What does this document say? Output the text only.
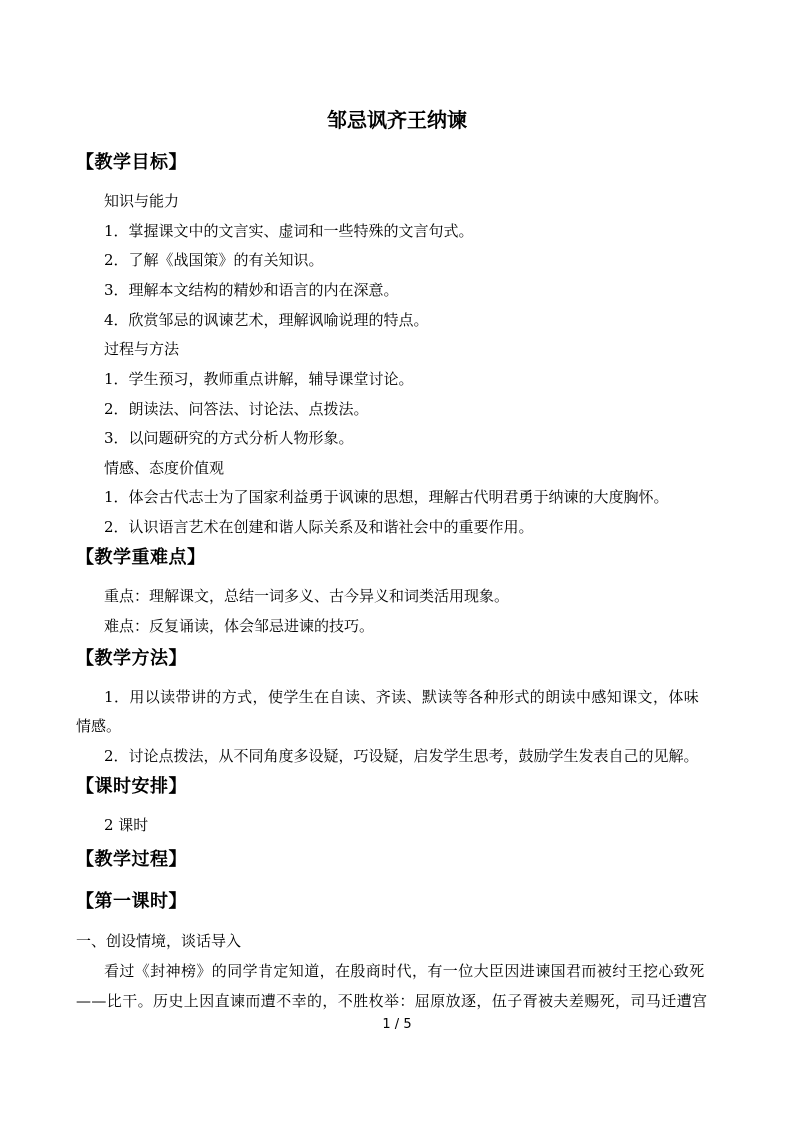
邹忌讽齐王纳谏
【教学目标】
知识与能力
1．掌握课文中的文言实、虚词和一些特殊的文言句式。
2．了解《战国策》的有关知识。
3．理解本文结构的精妙和语言的内在深意。
4．欣赏邹忌的讽谏艺术，理解讽喻说理的特点。
过程与方法
1．学生预习，教师重点讲解，辅导课堂讨论。
2．朗读法、问答法、讨论法、点拨法。
3．以问题研究的方式分析人物形象。
情感、态度价值观
1．体会古代志士为了国家利益勇于讽谏的思想，理解古代明君勇于纳谏的大度胸怀。
2．认识语言艺术在创建和谐人际关系及和谐社会中的重要作用。
【教学重难点】
重点：理解课文，总结一词多义、古今异义和词类活用现象。
难点：反复诵读，体会邹忌进谏的技巧。
【教学方法】
1．用以读带讲的方式，使学生在自读、齐读、默读等各种形式的朗读中感知课文，体味
情感。
2．讨论点拨法，从不同角度多设疑，巧设疑，启发学生思考，鼓励学生发表自己的见解。
【课时安排】
2 课时
【教学过程】
【第一课时】
一、创设情境，谈话导入
看过《封神榜》的同学肯定知道，在殷商时代，有一位大臣因进谏国君而被纣王挖心致死
——比干。历史上因直谏而遭不幸的，不胜枚举：屈原放逐，伍子胥被夫差赐死，司马迁遭宫
1 / 5
